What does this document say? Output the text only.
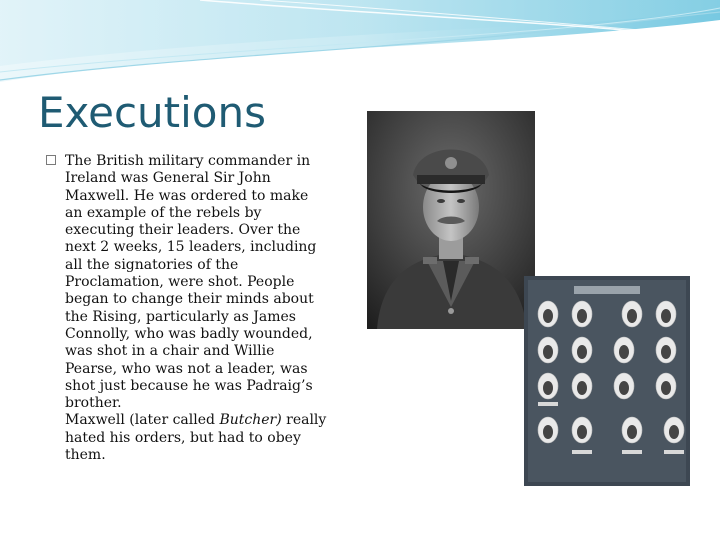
Executions
The British military commander in
Ireland was General Sir John
Maxwell. He was ordered to make
an example of the rebels by
executing their leaders. Over the
next 2 weeks, 15 leaders, including
all the signatories of the
Proclamation, were shot. People
began to change their minds about
the Rising, particularly as James
Connolly, who was badly wounded,
was shot in a chair and Willie
Pearse, who was not a leader, was
shot just because he was Padraig’s
brother.
Maxwell (later called Butcher) really
hated his orders, but had to obey
them.
